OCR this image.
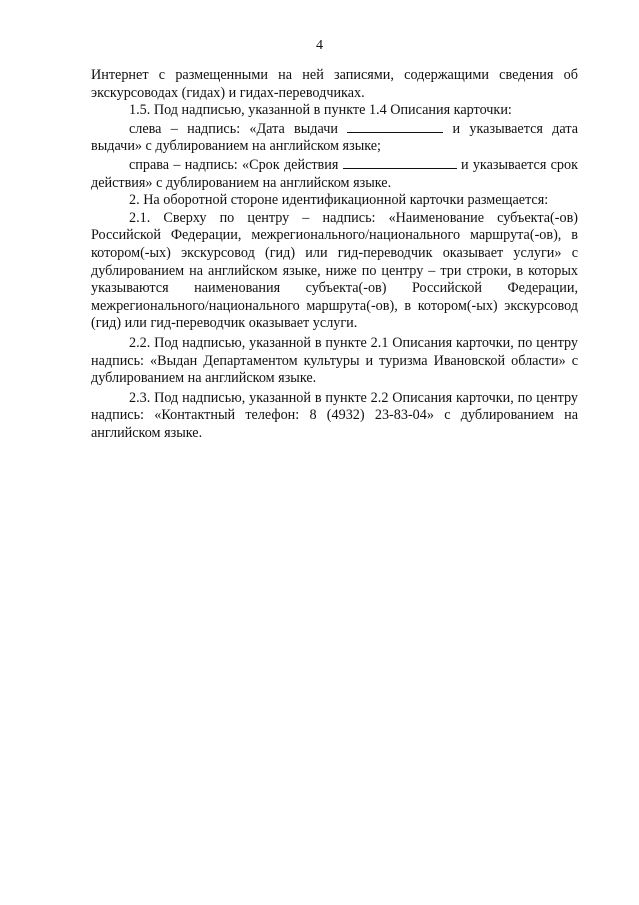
4

Интернет с размещенными на ней записями, содержащими сведения об экскурсоводах (гидах) и гидах-переводчиках.

1.5. Под надписью, указанной в пункте 1.4 Описания карточки:

слева – надпись: «Дата выдачи	и указывается дата выдачи» с дублированием на английском языке;

справа – надпись: «Срок действия	и указывается срок действия» с дублированием на английском языке.

2. На оборотной стороне идентификационной карточки размещается:

2.1. Сверху по центру – надпись: «Наименование субъекта(-ов) Российской Федерации, межрегионального/национального маршрута(-ов), в котором(-ых) экскурсовод (гид) или гид-переводчик оказывает услуги» с дублированием на английском языке, ниже по центру – три строки, в которых указываются наименования субъекта(-ов) Российской Федерации, межрегионального/национального маршрута(-ов), в котором(-ых) экскурсовод (гид) или гид-переводчик оказывает услуги.

2.2. Под надписью, указанной в пункте 2.1 Описания карточки, по центру надпись: «Выдан Департаментом культуры и туризма Ивановской области» с дублированием на английском языке.

2.3. Под надписью, указанной в пункте 2.2 Описания карточки, по центру надпись: «Контактный телефон: 8 (4932) 23-83-04» с дублированием на английском языке.
